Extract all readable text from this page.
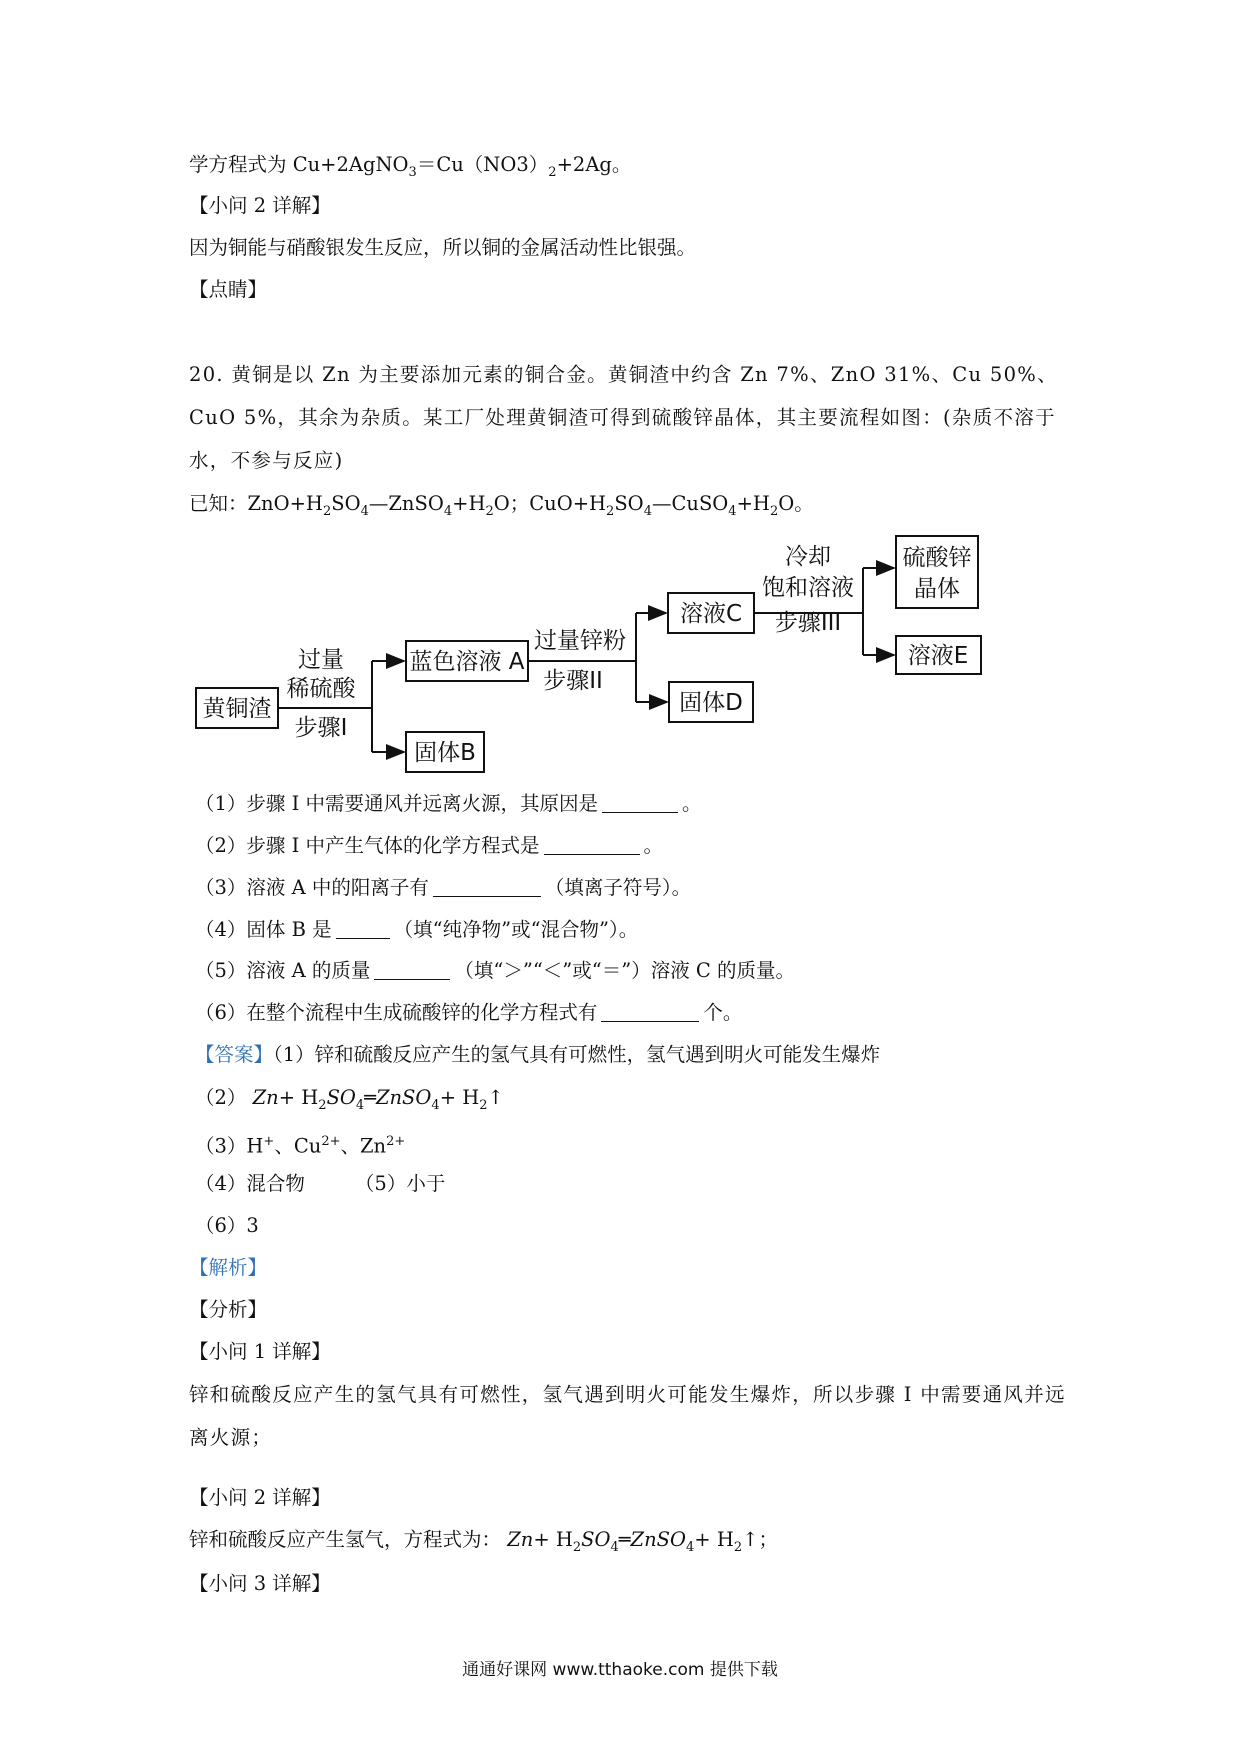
学方程式为 $Cu+2AgNO_3=Cu(NO3)_2+2Ag$。
【小问 2 详解】
因为铜能与硝酸银发生反应，所以铜的金属活动性比银强。
【点睛】
20. 黄铜是以 Zn 为主要添加元素的铜合金。黄铜渣中约含 Zn 7%、ZnO 31%、Cu 50%、CuO 5%，其余为杂质。某工厂处理黄铜渣可得到硫酸锌晶体，其主要流程如图：(杂质不溶于水，不参与反应)
已知：$ZnO+H_2SO_4—ZnSO_4+H_2O$；$CuO+H_2SO_4—CuSO_4+H_2O$。
黄铜渣
过量
稀硫酸
步骤I
蓝色溶液 A
固体B
过量锌粉
步骤II
溶液C
固体D
冷却
饱和溶液
步骤III
硫酸锌
晶体
溶液E
（1）步骤 I 中需要通风并远离火源，其原因是	。
（2）步骤 I 中产生气体的化学方程式是	。
（3）溶液 A 中的阳离子有	（填离子符号）。
（4）固体 B 是	（填“纯净物”或“混合物”）。
（5）溶液 A 的质量	（填“＞”“＜”或“＝”）溶液 C 的质量。
（6）在整个流程中生成硫酸锌的化学方程式有	个。
【答案】（1）锌和硫酸反应产生的氢气具有可燃性，氢气遇到明火可能发生爆炸
（2） $Zn+ H_2SO_4═ZnSO_4+$ $H_2↑$
（3）H+、$Cu^{2+}$、$Zn^{2+}$
（4）混合物	（5）小于
（6）3
【解析】
【分析】
【小问 1 详解】
锌和硫酸反应产生的氢气具有可燃性，氢气遇到明火可能发生爆炸，所以步骤 I 中需要通风并远离火源；
【小问 2 详解】
锌和硫酸反应产生氢气，方程式为： $Zn+ H_2SO_4═ZnSO_4+$ $H_2↑$；
【小问 3 详解】
通通好课网 www.tthaoke.com 提供下载
